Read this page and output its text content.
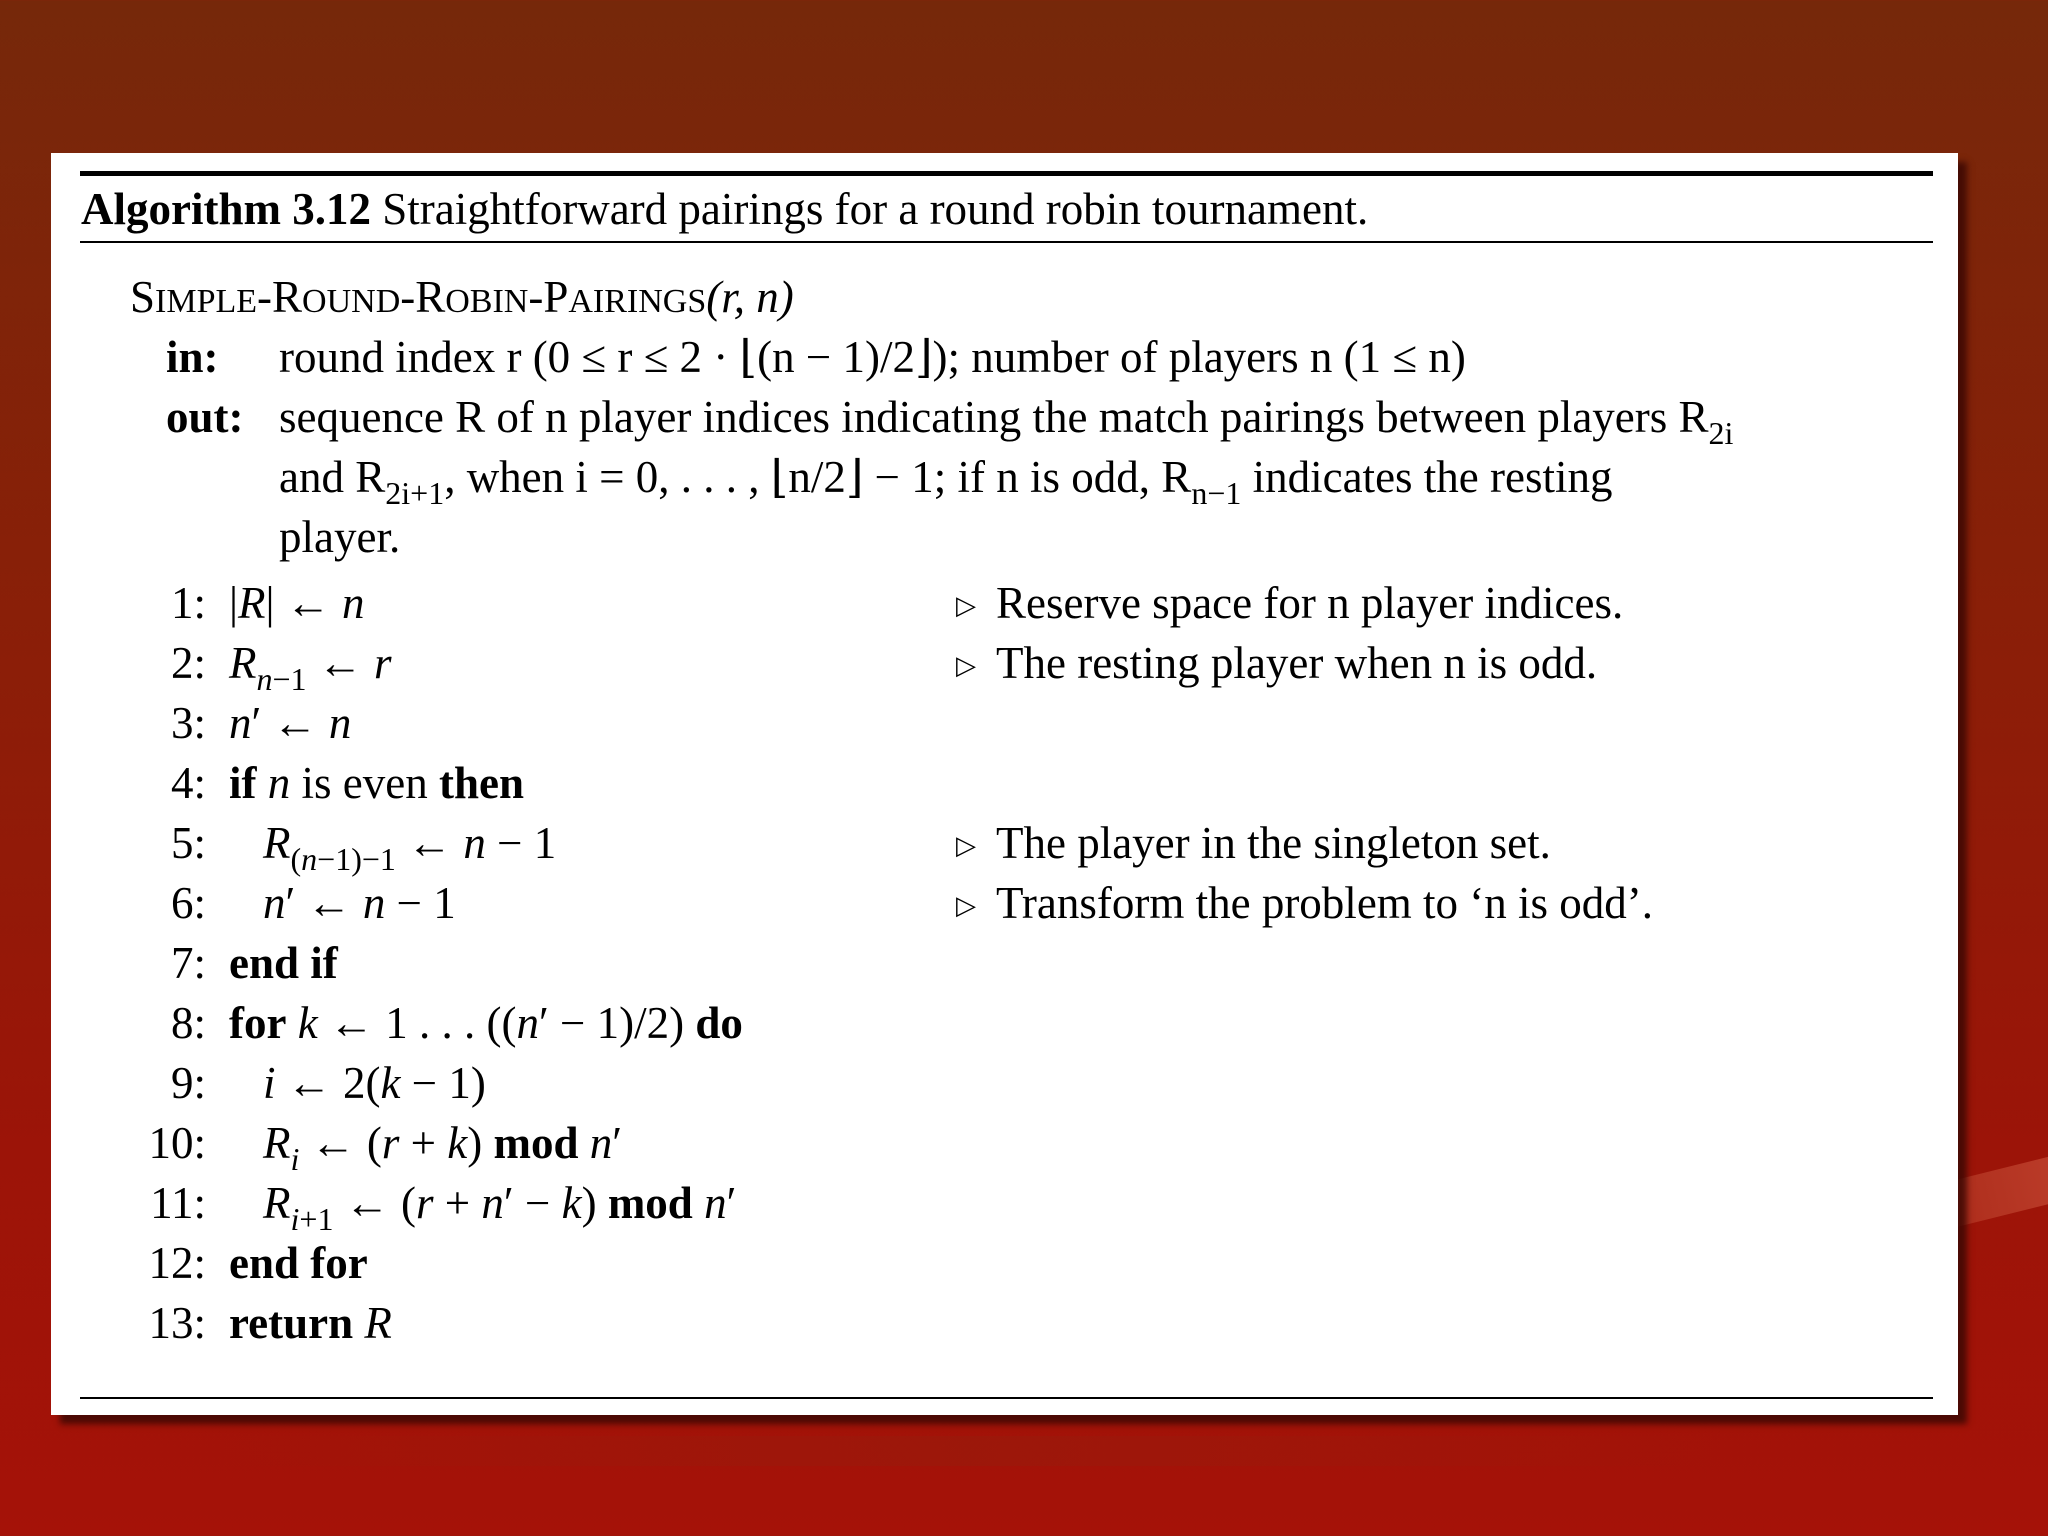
Algorithm 3.12 Straightforward pairings for a round robin tournament.
SIMPLE-ROUND-ROBIN-PAIRINGS(r, n)
in: round index r (0 ≤ r ≤ 2 · ⌊(n − 1)/2⌋); number of players n (1 ≤ n)
out: sequence R of n player indices indicating the match pairings between players $R_{2i}$
and $R_{2i+1}$, when i = 0, . . . , ⌊n/2⌋ − 1; if n is odd, $R_{n-1}$ indicates the resting
player.
1: |R| ← n	▷ Reserve space for n player indices.
2: $R_{n-1}$ ← r	▷ The resting player when n is odd.
3: n′ ← n
4: if n is even then
5: $R_{(n-1)-1}$ ← n − 1	▷ The player in the singleton set.
6: n′ ← n − 1	▷ Transform the problem to ‘n is odd’.
7: end if
8: for k ← 1 . . . ((n′ − 1)/2) do
9: i ← 2(k − 1)
10: $R_i$ ← (r + k) mod n′
11: $R_{i+1}$ ← (r + n′ − k) mod n′
12: end for
13: return R
